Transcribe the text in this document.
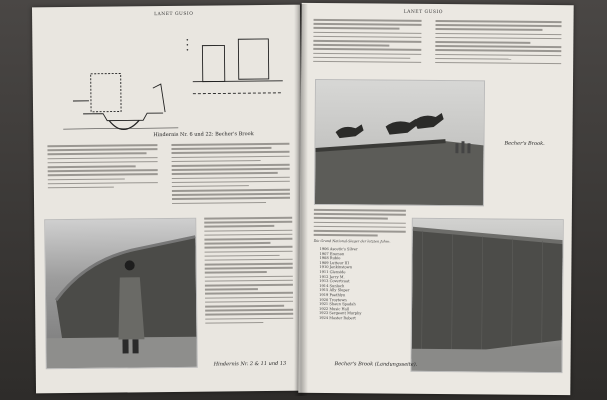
LANET GUSIO
Hindernis Nr. 6 und 22: Becher's Brook
Hindernis Nr. 2 & 11 und 13
LANET GUSIO
Becher's Brook.
Die Grand National-Sieger der letzten Jahre.
1906 Ascetic's Silver
1907 Eremon
1908 Rubio
1909 Lutteur III
1910 Jenkinstown
1911 Glenside
1912 Jerry M.
1913 Covertcoat
1914 Sunloch
1915 Ally Sloper
1919 Poethlyn
1920 Troytown
1921 Shaun Spadah
1922 Music Hall
1923 Sergeant Murphy
1924 Master Robert
Becher's Brook (Landungsseite).
